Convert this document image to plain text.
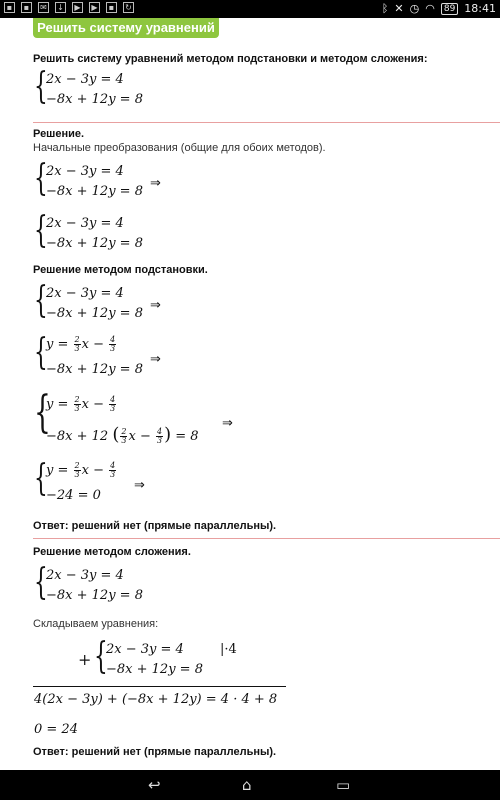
▪	▪	✉ ↓	▶	▶	▪	↻	ᛒ ✕ ◷ ◠	89 18:41
Решить систему уравнений
Решить систему уравнений методом подстановки и методом сложения:
{
2x − 3y = 4
−8x + 12y = 8
Решение.
Начальные преобразования (общие для обоих методов).
{
2x − 3y = 4
−8x + 12y = 8
⇒
{
2x − 3y = 4
−8x + 12y = 8
Решение методом подстановки.
{
2x − 3y = 4
−8x + 12y = 8
⇒
{
$y = \frac{2}{3}$ $x - \frac{4}{3}$
−8x + 12y = 8
⇒
{
$y = \frac{2}{3}$ $x - \frac{4}{3}$
−8x + 12 ( $\frac{2}{3}$ $x - \frac{4}{3}$ ) = 8
⇒
{
$y = \frac{2}{3}$ $x - \frac{4}{3}$
−24 = 0
⇒
Ответ: решений нет (прямые параллельны).
Решение методом сложения.
{
2x − 3y = 4
−8x + 12y = 8
Складываем уравнения:
+ {
2x − 3y = 4
−8x + 12y = 8
|·4
4(2x − 3y) + (−8x + 12y) = 4 · 4 + 8
0 = 24
Ответ: решений нет (прямые параллельны).
↩	⌂	▭
